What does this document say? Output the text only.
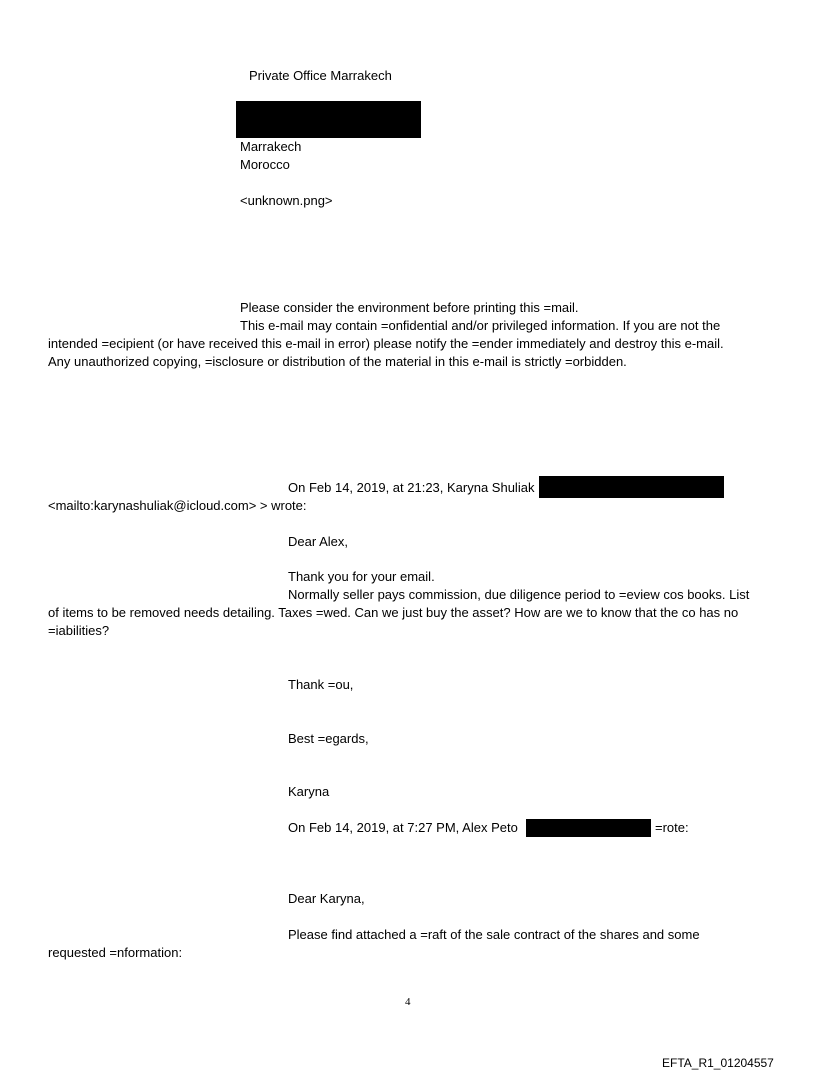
Private Office Marrakech
Marrakech
Morocco
<unknown.png>
Please consider the environment before printing this =mail.
This e-mail may contain =onfidential and/or privileged information. If you are not the
intended =ecipient (or have received this e-mail in error) please notify the =ender immediately and destroy this e-mail.
Any unauthorized copying, =isclosure or distribution of the material in this e-mail is strictly =orbidden.
On Feb 14, 2019, at 21:23, Karyna Shuliak
<mailto:karynashuliak@icloud.com> > wrote:
Dear Alex,
Thank you for your email.
Normally seller pays commission, due diligence period to =eview cos books. List
of items to be removed needs detailing. Taxes =wed. Can we just buy the asset? How are we to know that the co has no
=iabilities?
Thank =ou,
Best =egards,
Karyna
On Feb 14, 2019, at 7:27 PM, Alex Peto	=rote:
Dear Karyna,
Please find attached a =raft of the sale contract of the shares and some
requested =nformation:
4
EFTA_R1_01204557
